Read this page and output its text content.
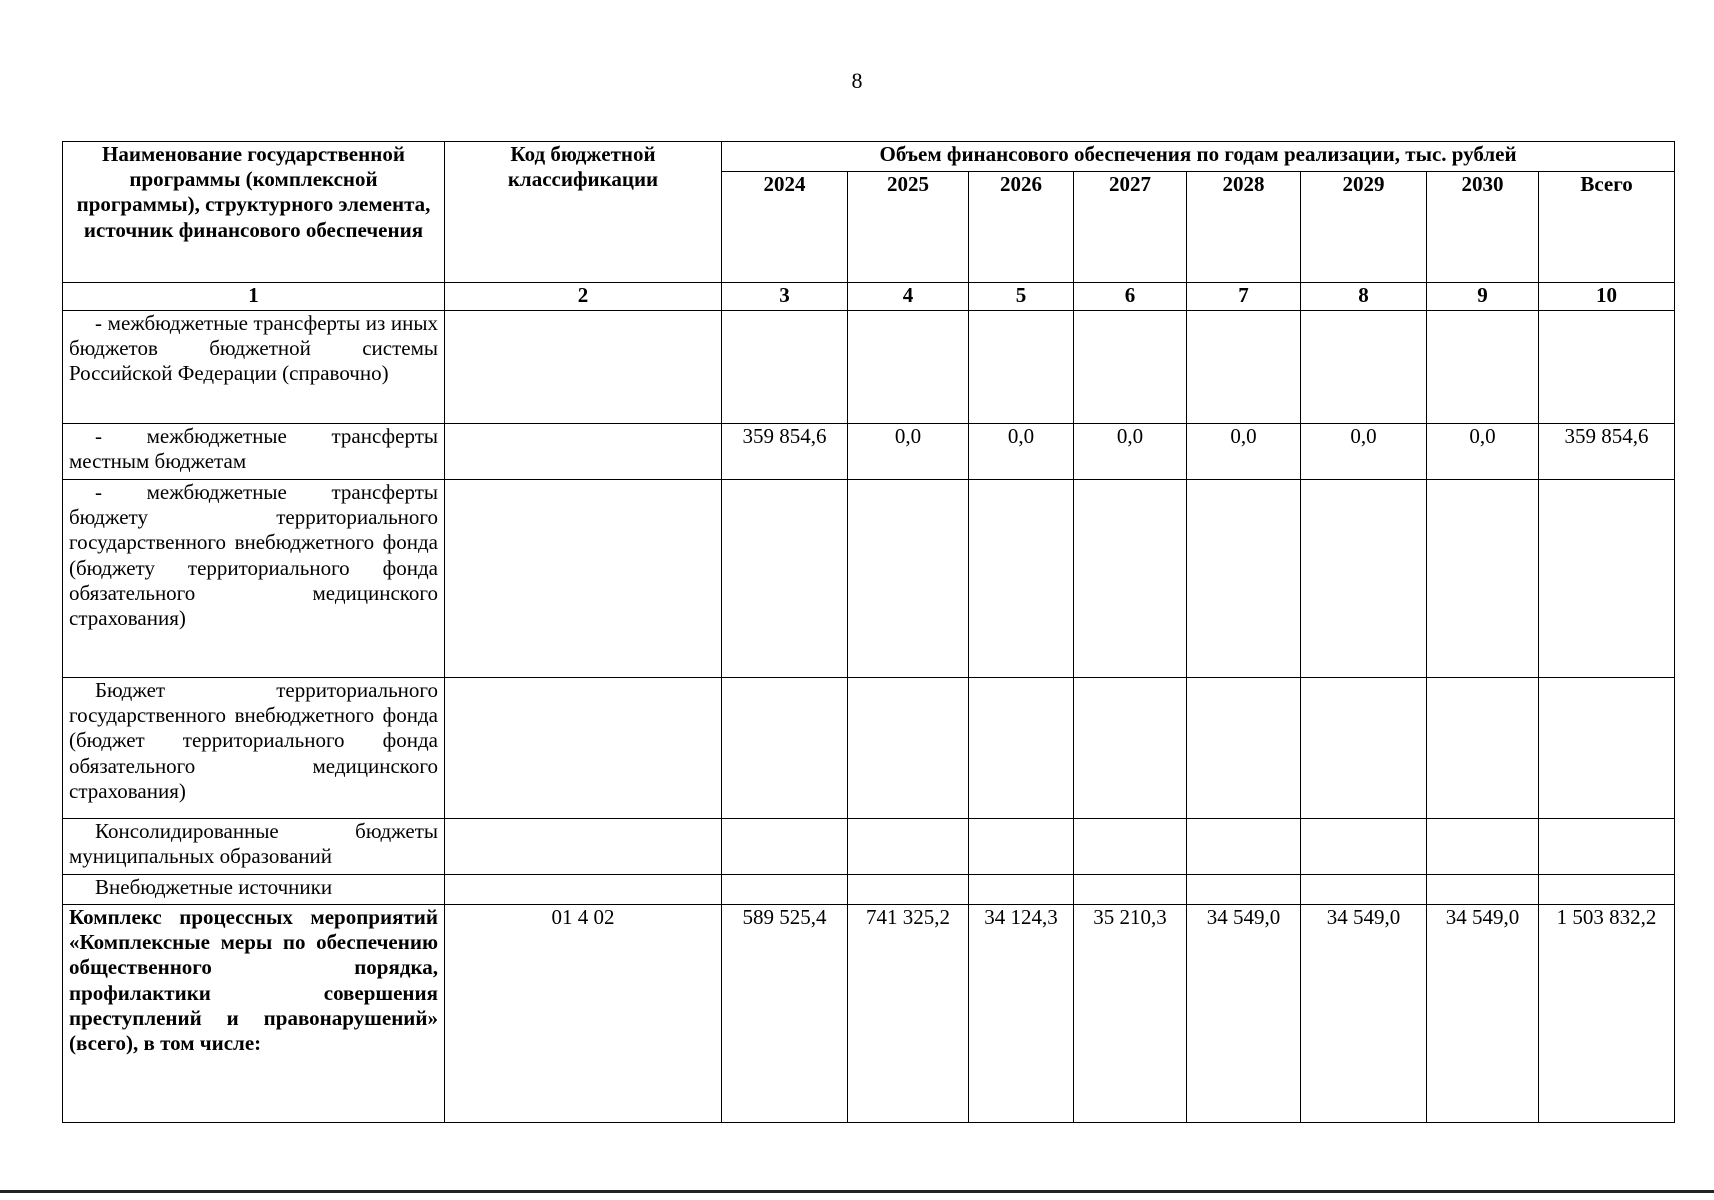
8
Наименование государственной программы (комплексной программы), структурного элемента, источник финансового обеспечения	Код бюджетной классификации	Объем финансового обеспечения по годам реализации, тыс. рублей							
		2024	2025	2026	2027	2028	2029	2030	Всего
1	2	3	4	5	6	7	8	9	10

- межбюджетные трансферты из иных бюджетов бюджетной системы Российской Федерации (справочно)									

- межбюджетные трансферты местным бюджетам		359 854,6	0,0	0,0	0,0	0,0	0,0	0,0	359 854,6

- межбюджетные трансферты бюджету территориального государственного внебюджетного фонда (бюджету территориального фонда обязательного медицинского страхования)									

Бюджет территориального государственного внебюджетного фонда (бюджет территориального фонда обязательного медицинского страхования)									

Консолидированные бюджеты муниципальных образований									

Внебюджетные источники									

Комплекс процессных мероприятий «Комплексные меры по обеспечению общественного порядка, профилактики совершения преступлений и правонарушений» (всего), в том числе:	01 4 02	589 525,4	741 325,2	34 124,3	35 210,3	34 549,0	34 549,0	34 549,0	1 503 832,2
